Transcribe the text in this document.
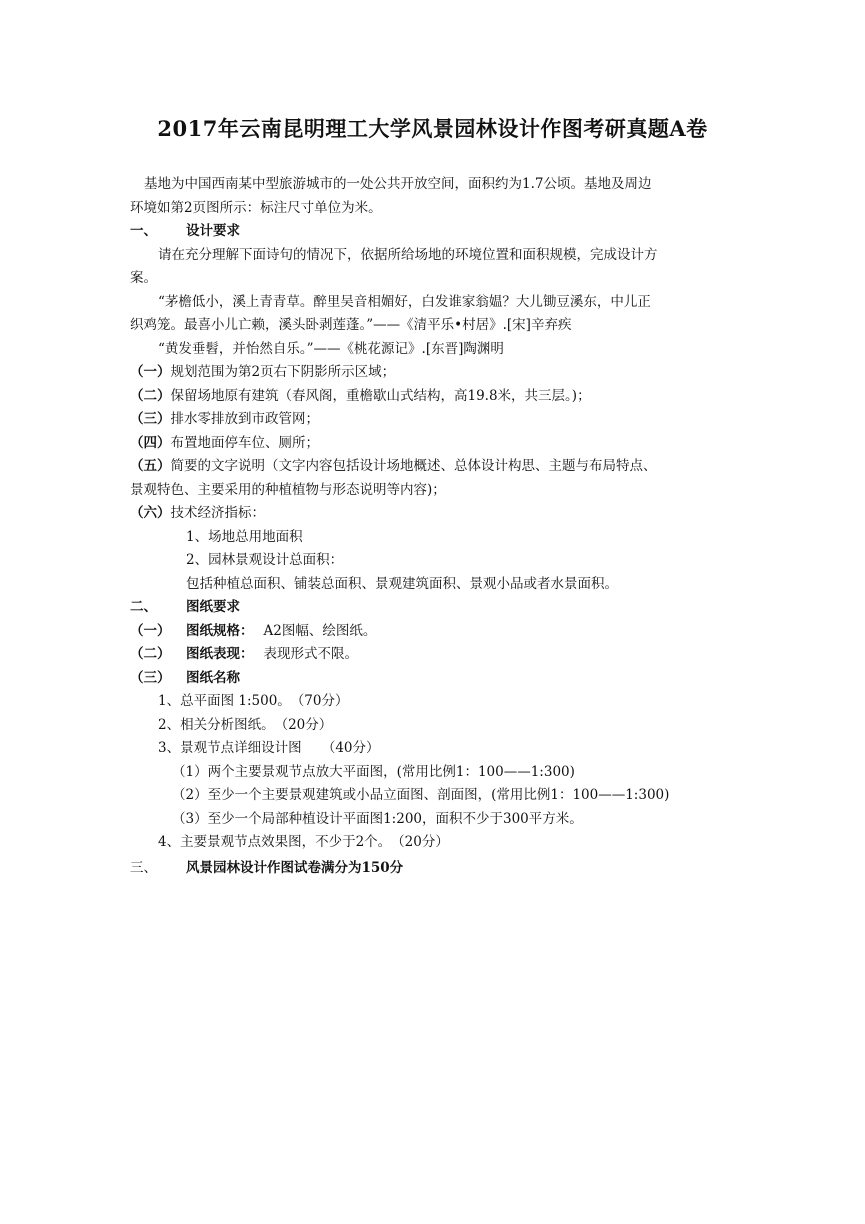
2017年云南昆明理工大学风景园林设计作图考研真题A卷
基地为中国西南某中型旅游城市的一处公共开放空间，面积约为1.7公顷。基地及周边
环境如第2页图所示：标注尺寸单位为米。
一、 设计要求
请在充分理解下面诗句的情况下，依据所给场地的环境位置和面积规模，完成设计方
案。
“茅檐低小，溪上青青草。醉里吴音相媚好，白发谁家翁媪？大儿锄豆溪东，中儿正
织鸡笼。最喜小儿亡赖，溪头卧剥莲蓬。”——《清平乐•村居》.[宋]辛弃疾
“黄发垂髫，并怡然自乐。”——《桃花源记》.[东晋]陶渊明
（一）规划范围为第2页右下阴影所示区域；
（二）保留场地原有建筑（春风阁，重檐歇山式结构，高19.8米，共三层。)；
（三）排水零排放到市政管网；
（四）布置地面停车位、厕所；
（五）简要的文字说明（文字内容包括设计场地概述、总体设计构思、主题与布局特点、
景观特色、主要采用的种植植物与形态说明等内容)；
（六）技术经济指标：
1、场地总用地面积
2、园林景观设计总面积：
包括种植总面积、铺装总面积、景观建筑面积、景观小品或者水景面积。
二、 图纸要求
（一） 图纸规格： A2图幅、绘图纸。
（二） 图纸表现： 表现形式不限。
（三） 图纸名称
1、总平面图 1:500。　（70分）
2、相关分析图纸。　（20分）
3、景观节点详细设计图　　（40分）
（1）两个主要景观节点放大平面图，(常用比例1：100——1:300)
（2）至少一个主要景观建筑或小品立面图、剖面图，(常用比例1：100——1:300)
（3）至少一个局部种植设计平面图1:200，面积不少于300平方米。
4、主要景观节点效果图，不少于2个。　（20分）
三、 风景园林设计作图试卷满分为150分
